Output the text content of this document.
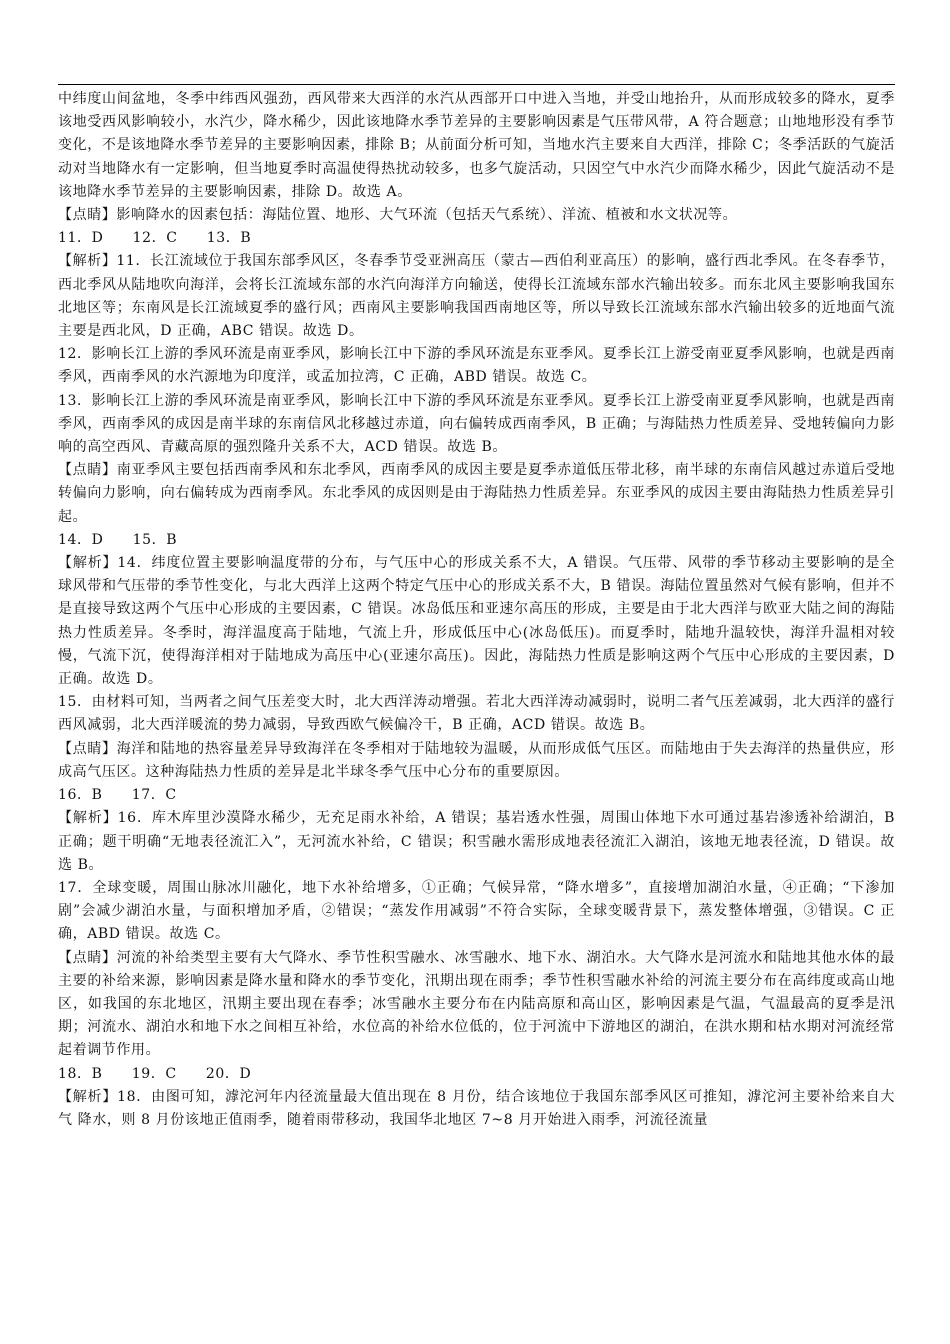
中纬度山间盆地，冬季中纬西风强劲，西风带来大西洋的水汽从西部开口中进入当地，并受山地抬升，从而形成较多的降水，夏季该地受西风影响较小，水汽少，降水稀少，因此该地降水季节差异的主要影响因素是气压带风带，A 符合题意；山地地形没有季节变化，不是该地降水季节差异的主要影响因素，排除 B；从前面分析可知，当地水汽主要来自大西洋，排除 C；冬季活跃的气旋活动对当地降水有一定影响，但当地夏季时高温使得热扰动较多，也多气旋活动，只因空气中水汽少而降水稀少，因此气旋活动不是该地降水季节差异的主要影响因素，排除 D。故选 A。

【点睛】影响降水的因素包括：海陆位置、地形、大气环流（包括天气系统）、洋流、植被和水文状况等。

11．D　　12．C　　13．B

【解析】11．长江流域位于我国东部季风区，冬春季节受亚洲高压（蒙古—西伯利亚高压）的影响，盛行西北季风。在冬春季节，西北季风从陆地吹向海洋，会将长江流域东部的水汽向海洋方向输送，使得长江流域东部水汽输出较多。而东北风主要影响我国东北地区等；东南风是长江流域夏季的盛行风；西南风主要影响我国西南地区等，所以导致长江流域东部水汽输出较多的近地面气流主要是西北风，D 正确，ABC 错误。故选 D。

12．影响长江上游的季风环流是南亚季风，影响长江中下游的季风环流是东亚季风。夏季长江上游受南亚夏季风影响，也就是西南季风，西南季风的水汽源地为印度洋，或孟加拉湾，C 正确，ABD 错误。故选 C。

13．影响长江上游的季风环流是南亚季风，影响长江中下游的季风环流是东亚季风。夏季长江上游受南亚夏季风影响，也就是西南季风，西南季风的成因是南半球的东南信风北移越过赤道，向右偏转成西南季风，B 正确；与海陆热力性质差异、受地转偏向力影响的高空西风、青藏高原的强烈隆升关系不大，ACD 错误。故选 B。

【点睛】南亚季风主要包括西南季风和东北季风，西南季风的成因主要是夏季赤道低压带北移，南半球的东南信风越过赤道后受地转偏向力影响，向右偏转成为西南季风。东北季风的成因则是由于海陆热力性质差异。东亚季风的成因主要由海陆热力性质差异引起。

14．D　　15．B

【解析】14．纬度位置主要影响温度带的分布，与气压中心的形成关系不大，A 错误。气压带、风带的季节移动主要影响的是全球风带和气压带的季节性变化，与北大西洋上这两个特定气压中心的形成关系不大，B 错误。海陆位置虽然对气候有影响，但并不是直接导致这两个气压中心形成的主要因素，C 错误。冰岛低压和亚速尔高压的形成，主要是由于北大西洋与欧亚大陆之间的海陆热力性质差异。冬季时，海洋温度高于陆地，气流上升，形成低压中心(冰岛低压)。而夏季时，陆地升温较快，海洋升温相对较慢，气流下沉，使得海洋相对于陆地成为高压中心(亚速尔高压)。因此，海陆热力性质是影响这两个气压中心形成的主要因素，D 正确。故选 D。

15．由材料可知，当两者之间气压差变大时，北大西洋涛动增强。若北大西洋涛动减弱时，说明二者气压差减弱，北大西洋的盛行西风减弱，北大西洋暖流的势力减弱，导致西欧气候偏冷干，B 正确，ACD 错误。故选 B。

【点睛】海洋和陆地的热容量差异导致海洋在冬季相对于陆地较为温暖，从而形成低气压区。而陆地由于失去海洋的热量供应，形成高气压区。这种海陆热力性质的差异是北半球冬季气压中心分布的重要原因。

16．B　　17．C

【解析】16．库木库里沙漠降水稀少，无充足雨水补给，A 错误；基岩透水性强，周围山体地下水可通过基岩渗透补给湖泊，B 正确；题干明确“无地表径流汇入”，无河流水补给，C 错误；积雪融水需形成地表径流汇入湖泊，该地无地表径流，D 错误。故选 B。

17．全球变暖，周围山脉冰川融化，地下水补给增多，①正确；气候异常，“降水增多”，直接增加湖泊水量，④正确；“下渗加剧”会减少湖泊水量，与面积增加矛盾，②错误；“蒸发作用减弱”不符合实际，全球变暖背景下，蒸发整体增强，③错误。C 正确，ABD 错误。故选 C。

【点睛】河流的补给类型主要有大气降水、季节性积雪融水、冰雪融水、地下水、湖泊水。大气降水是河流水和陆地其他水体的最主要的补给来源，影响因素是降水量和降水的季节变化，汛期出现在雨季；季节性积雪融水补给的河流主要分布在高纬度或高山地区，如我国的东北地区，汛期主要出现在春季；冰雪融水主要分布在内陆高原和高山区，影响因素是气温，气温最高的夏季是汛期；河流水、湖泊水和地下水之间相互补给，水位高的补给水位低的，位于河流中下游地区的湖泊，在洪水期和枯水期对河流经常起着调节作用。

18．B　　19．C　　20．D

【解析】18．由图可知，滹沱河年内径流量最大值出现在 8 月份，结合该地位于我国东部季风区可推知，滹沱河主要补给来自大气 降水，则 8 月份该地正值雨季，随着雨带移动，我国华北地区 7~8 月开始进入雨季，河流径流量
